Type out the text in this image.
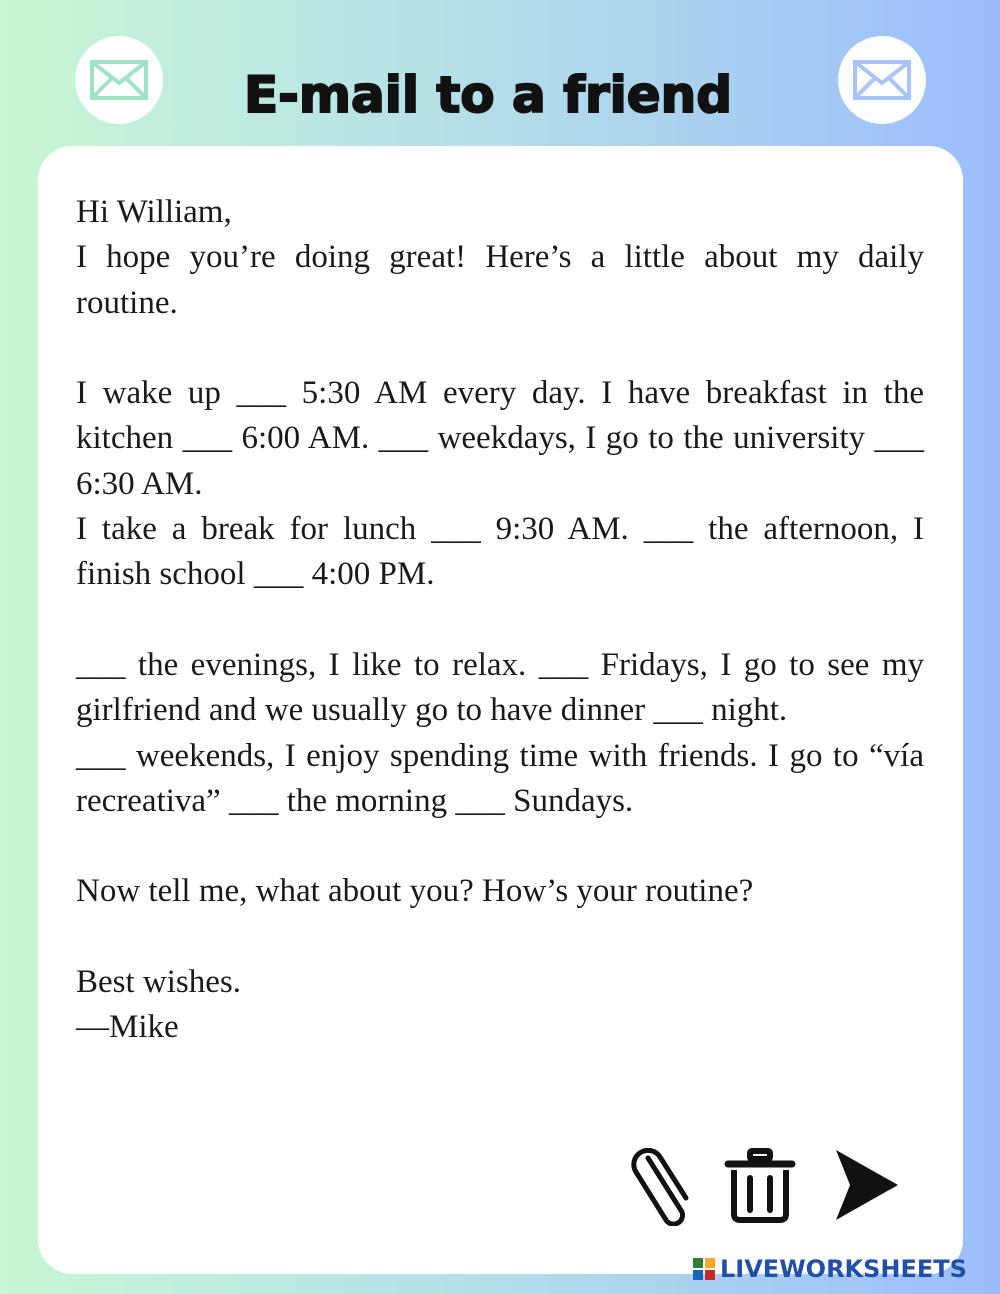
E-mail to a friend

Hi William,

I hope you’re doing great! Here’s a little about my daily routine.

I wake up ___ 5:30 AM every day. I have breakfast in the kitchen ___ 6:00 AM. ___ weekdays, I go to the university ___ 6:30 AM.

I take a break for lunch ___ 9:30 AM. ___ the afternoon, I finish school ___ 4:00 PM.

___ the evenings, I like to relax. ___ Fridays, I go to see my girlfriend and we usually go to have dinner ___ night.

___ weekends, I enjoy spending time with friends. I go to “vía recreativa” ___ the morning ___ Sundays.

Now tell me, what about you? How’s your routine?

Best wishes.

—Mike

LIVEWORKSHEETS
